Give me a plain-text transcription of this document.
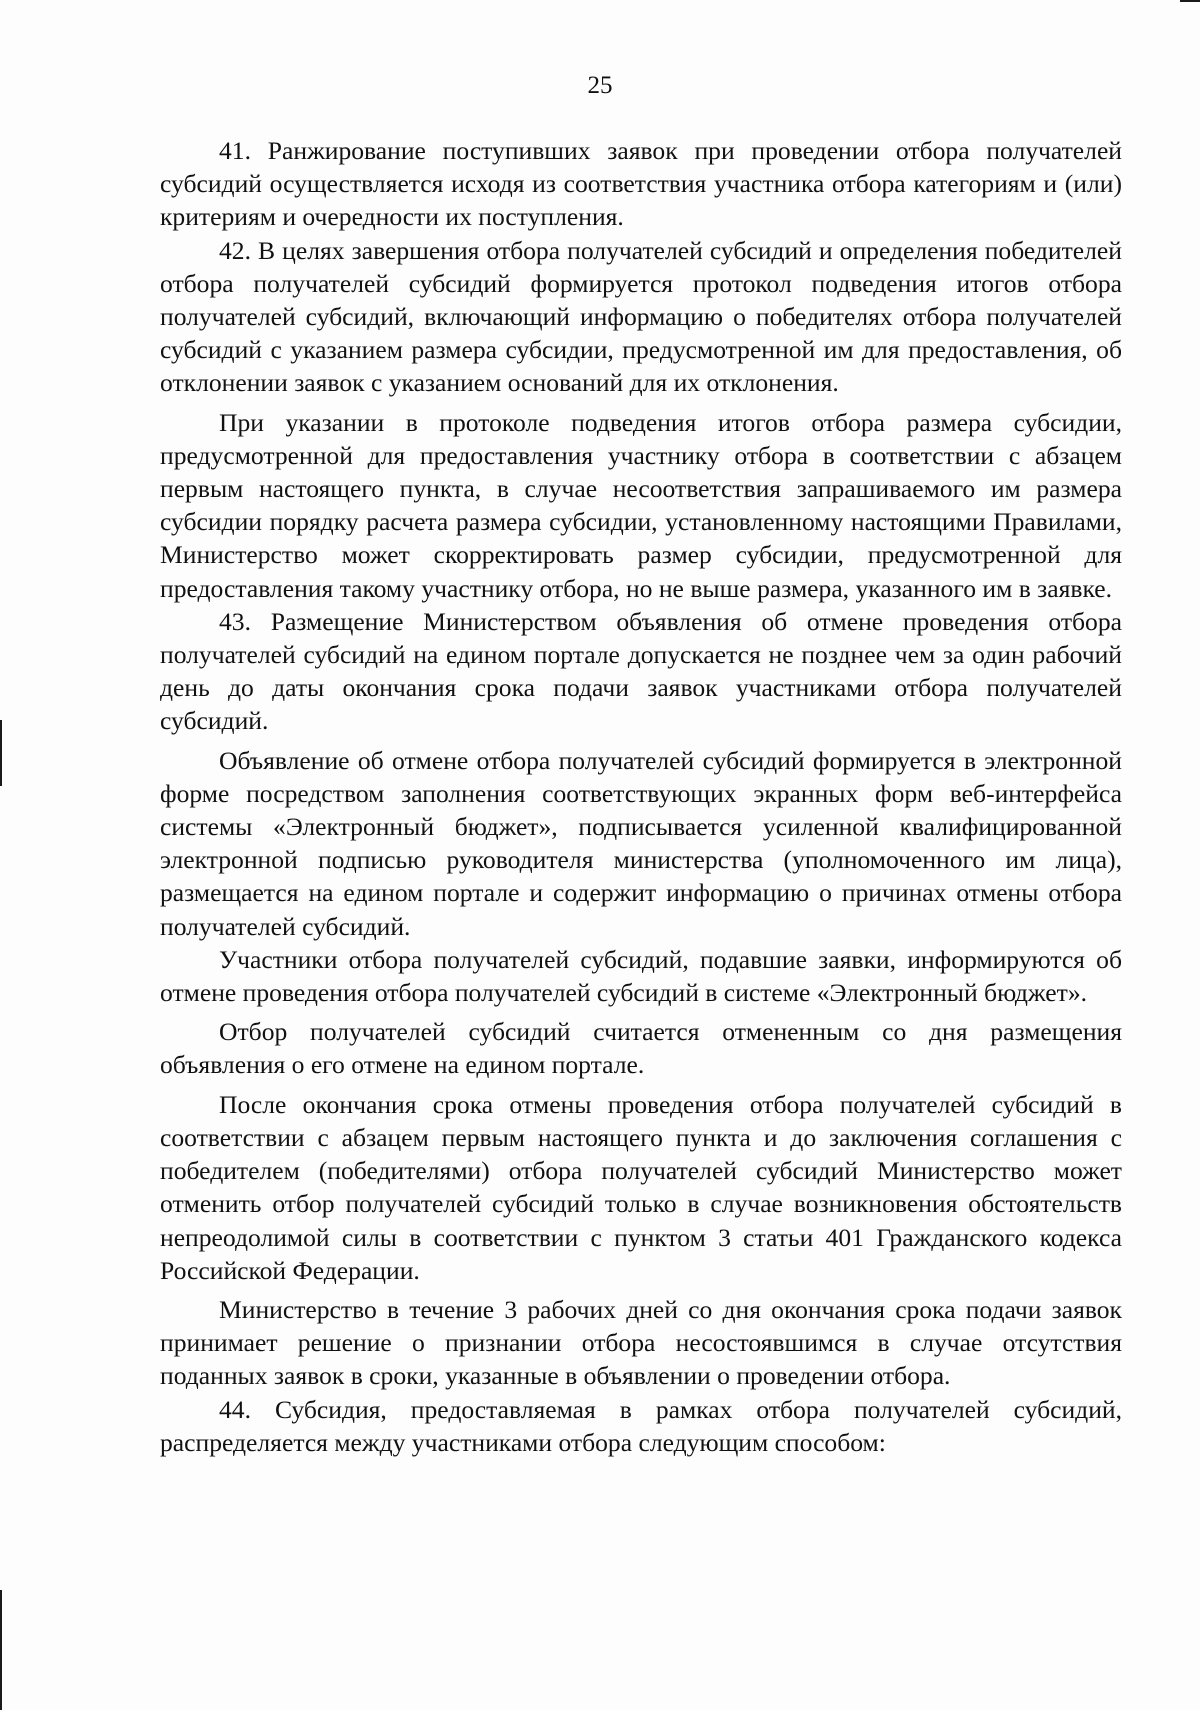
25

41. Ранжирование поступивших заявок при проведении отбора получателей субсидий осуществляется исходя из соответствия участника отбора категориям и (или) критериям и очередности их поступления.

42. В целях завершения отбора получателей субсидий и определения победителей отбора получателей субсидий формируется протокол подведения итогов отбора получателей субсидий, включающий информацию о победителях отбора получателей субсидий с указанием размера субсидии, предусмотренной им для предоставления, об отклонении заявок с указанием оснований для их отклонения.

При указании в протоколе подведения итогов отбора размера субсидии, предусмотренной для предоставления участнику отбора в соответствии с абзацем первым настоящего пункта, в случае несоответствия запрашиваемого им размера субсидии порядку расчета размера субсидии, установленному настоящими Правилами, Министерство может скорректировать размер субсидии, предусмотренной для предоставления такому участнику отбора, но не выше размера, указанного им в заявке.

43. Размещение Министерством объявления об отмене проведения отбора получателей субсидий на едином портале допускается не позднее чем за один рабочий день до даты окончания срока подачи заявок участниками отбора получателей субсидий.

Объявление об отмене отбора получателей субсидий формируется в электронной форме посредством заполнения соответствующих экранных форм веб-интерфейса системы «Электронный бюджет», подписывается усиленной квалифицированной электронной подписью руководителя министерства (уполномоченного им лица), размещается на едином портале и содержит информацию о причинах отмены отбора получателей субсидий.

Участники отбора получателей субсидий, подавшие заявки, информируются об отмене проведения отбора получателей субсидий в системе «Электронный бюджет».

Отбор получателей субсидий считается отмененным со дня размещения объявления о его отмене на едином портале.

После окончания срока отмены проведения отбора получателей субсидий в соответствии с абзацем первым настоящего пункта и до заключения соглашения с победителем (победителями) отбора получателей субсидий Министерство может отменить отбор получателей субсидий только в случае возникновения обстоятельств непреодолимой силы в соответствии с пунктом 3 статьи 401 Гражданского кодекса Российской Федерации.

Министерство в течение 3 рабочих дней со дня окончания срока подачи заявок принимает решение о признании отбора несостоявшимся в случае отсутствия поданных заявок в сроки, указанные в объявлении о проведении отбора.

44. Субсидия, предоставляемая в рамках отбора получателей субсидий, распределяется между участниками отбора следующим способом:
